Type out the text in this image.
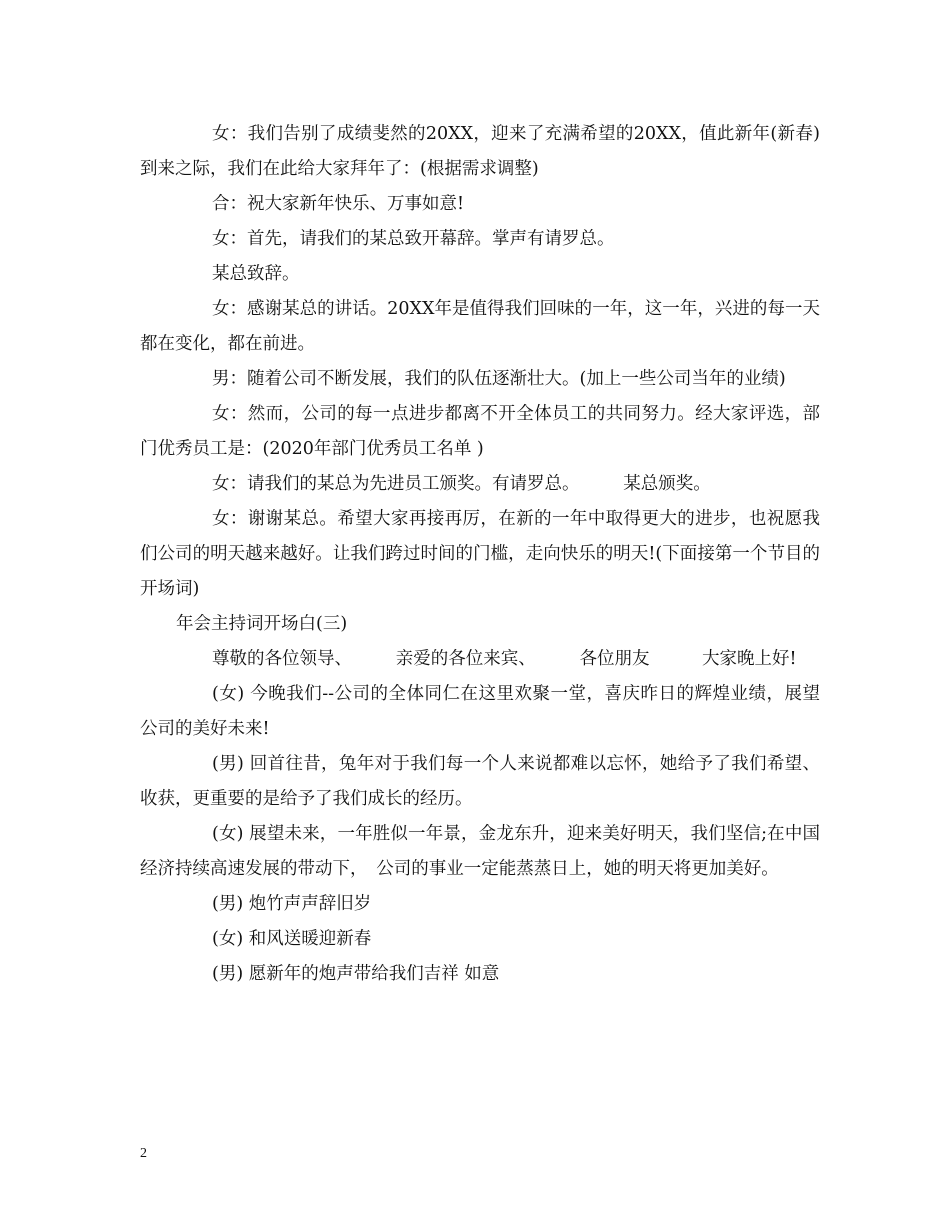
女：我们告别了成绩斐然的20XX，迎来了充满希望的20XX，值此新年(新春)到来之际，我们在此给大家拜年了：(根据需求调整)

合：祝大家新年快乐、万事如意!

女：首先，请我们的某总致开幕辞。掌声有请罗总。

某总致辞。

女：感谢某总的讲话。20XX年是值得我们回味的一年，这一年，兴进的每一天都在变化，都在前进。

男：随着公司不断发展，我们的队伍逐渐壮大。(加上一些公司当年的业绩)

女：然而，公司的每一点进步都离不开全体员工的共同努力。经大家评选，部门优秀员工是：(2020年部门优秀员工名单 )

女：请我们的某总为先进员工颁奖。有请罗总。　　　某总颁奖。

女：谢谢某总。希望大家再接再厉，在新的一年中取得更大的进步，也祝愿我们公司的明天越来越好。让我们跨过时间的门槛，走向快乐的明天!(下面接第一个节目的开场词)

年会主持词开场白(三)

尊敬的各位领导、　　　亲爱的各位来宾、　　　各位朋友　　　大家晚上好!

(女) 今晚我们--公司的全体同仁在这里欢聚一堂，喜庆昨日的辉煌业绩，展望公司的美好未来!

(男) 回首往昔，兔年对于我们每一个人来说都难以忘怀，她给予了我们希望、收获，更重要的是给予了我们成长的经历。

(女) 展望未来，一年胜似一年景，金龙东升，迎来美好明天，我们坚信;在中国经济持续高速发展的带动下，　公司的事业一定能蒸蒸日上，她的明天将更加美好。

(男) 炮竹声声辞旧岁

(女) 和风送暖迎新春

(男) 愿新年的炮声带给我们吉祥 如意

2
